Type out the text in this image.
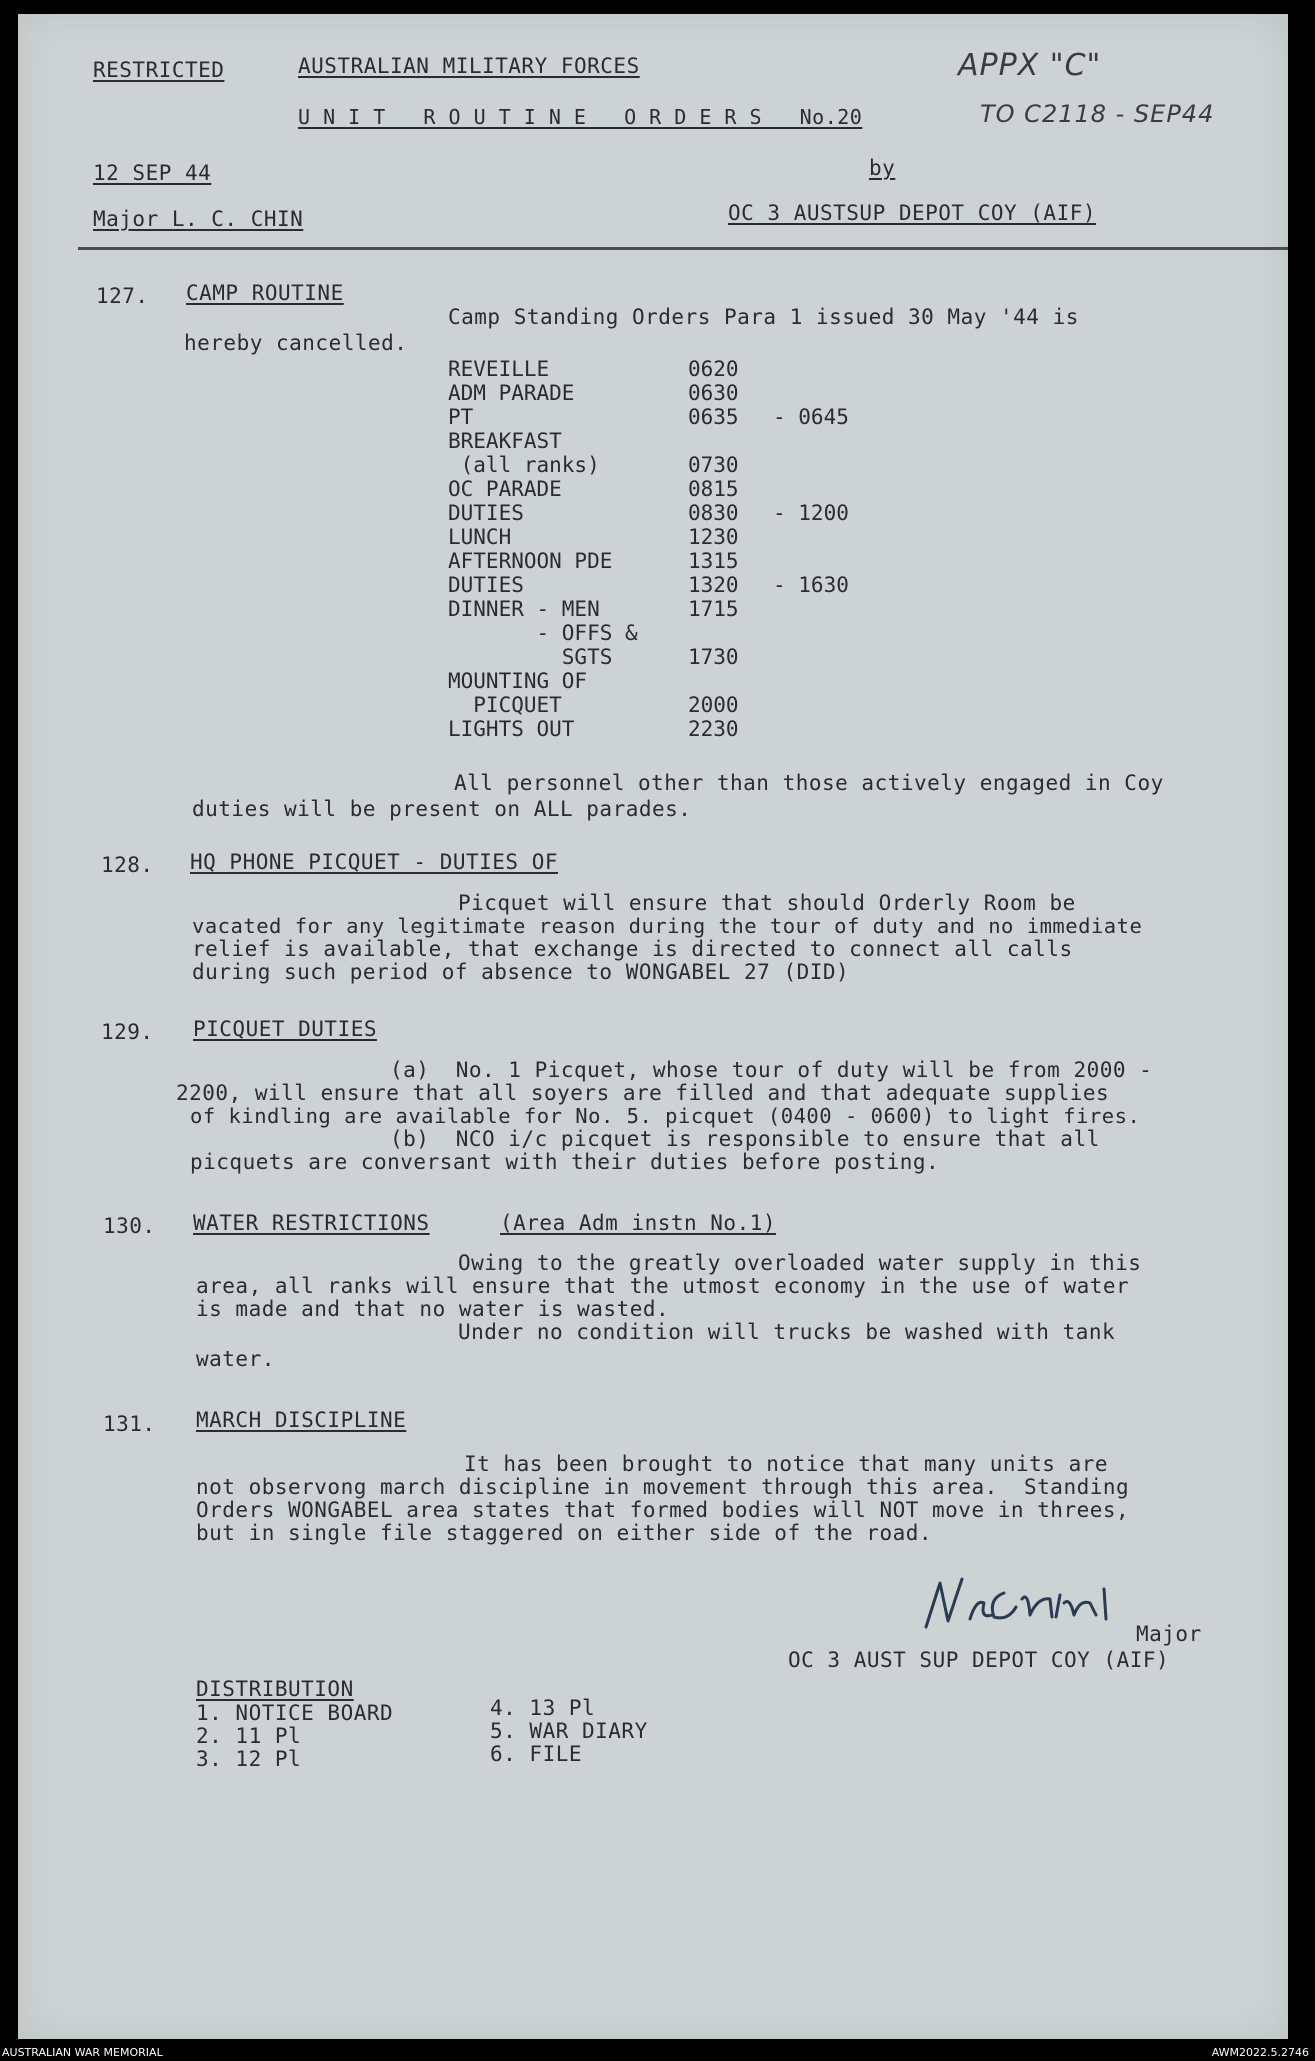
RESTRICTED	AUSTRALIAN MILITARY FORCES
U N I T   R O U T I N E   O R D E R S   No.20
APPX "C"
TO C2118 - SEP44
12 SEP 44	by
Major L. C. CHIN	OC 3 AUSTSUP DEPOT COY (AIF)
127. CAMP ROUTINE
Camp Standing Orders Para 1 issued 30 May '44 is
hereby cancelled.
REVEILLE	0620
ADM PARADE	0630
PT	0635 - 0645
BREAKFAST
(all ranks)	0730
OC PARADE	0815
DUTIES	0830 - 1200
LUNCH	1230
AFTERNOON PDE	1315
DUTIES	1320 - 1630
DINNER - MEN	1715
- OFFS &
SGTS	1730
MOUNTING OF
PICQUET	2000
LIGHTS OUT	2230
All personnel other than those actively engaged in Coy
duties will be present on ALL parades.
128. HQ PHONE PICQUET - DUTIES OF
Picquet will ensure that should Orderly Room be
vacated for any legitimate reason during the tour of duty and no immediate
relief is available, that exchange is directed to connect all calls
during such period of absence to WONGABEL 27 (DID)
129. PICQUET DUTIES
(a)  No. 1 Picquet, whose tour of duty will be from 2000 -
2200, will ensure that all soyers are filled and that adequate supplies
of kindling are available for No. 5. picquet (0400 - 0600) to light fires.
(b)  NCO i/c picquet is responsible to ensure that all
picquets are conversant with their duties before posting.
130. WATER RESTRICTIONS	(Area Adm instn No.1)
Owing to the greatly overloaded water supply in this
area, all ranks will ensure that the utmost economy in the use of water
is made and that no water is wasted.
Under no condition will trucks be washed with tank
water.
131. MARCH DISCIPLINE
It has been brought to notice that many units are
not observong march discipline in movement through this area.  Standing
Orders WONGABEL area states that formed bodies will NOT move in threes,
but in single file staggered on either side of the road.
Major
OC 3 AUST SUP DEPOT COY (AIF)
DISTRIBUTION
1. NOTICE BOARD
2. 11 Pl
3. 12 Pl
4. 13 Pl
5. WAR DIARY
6. FILE
AUSTRALIAN WAR MEMORIAL	AWM2022.5.2746
